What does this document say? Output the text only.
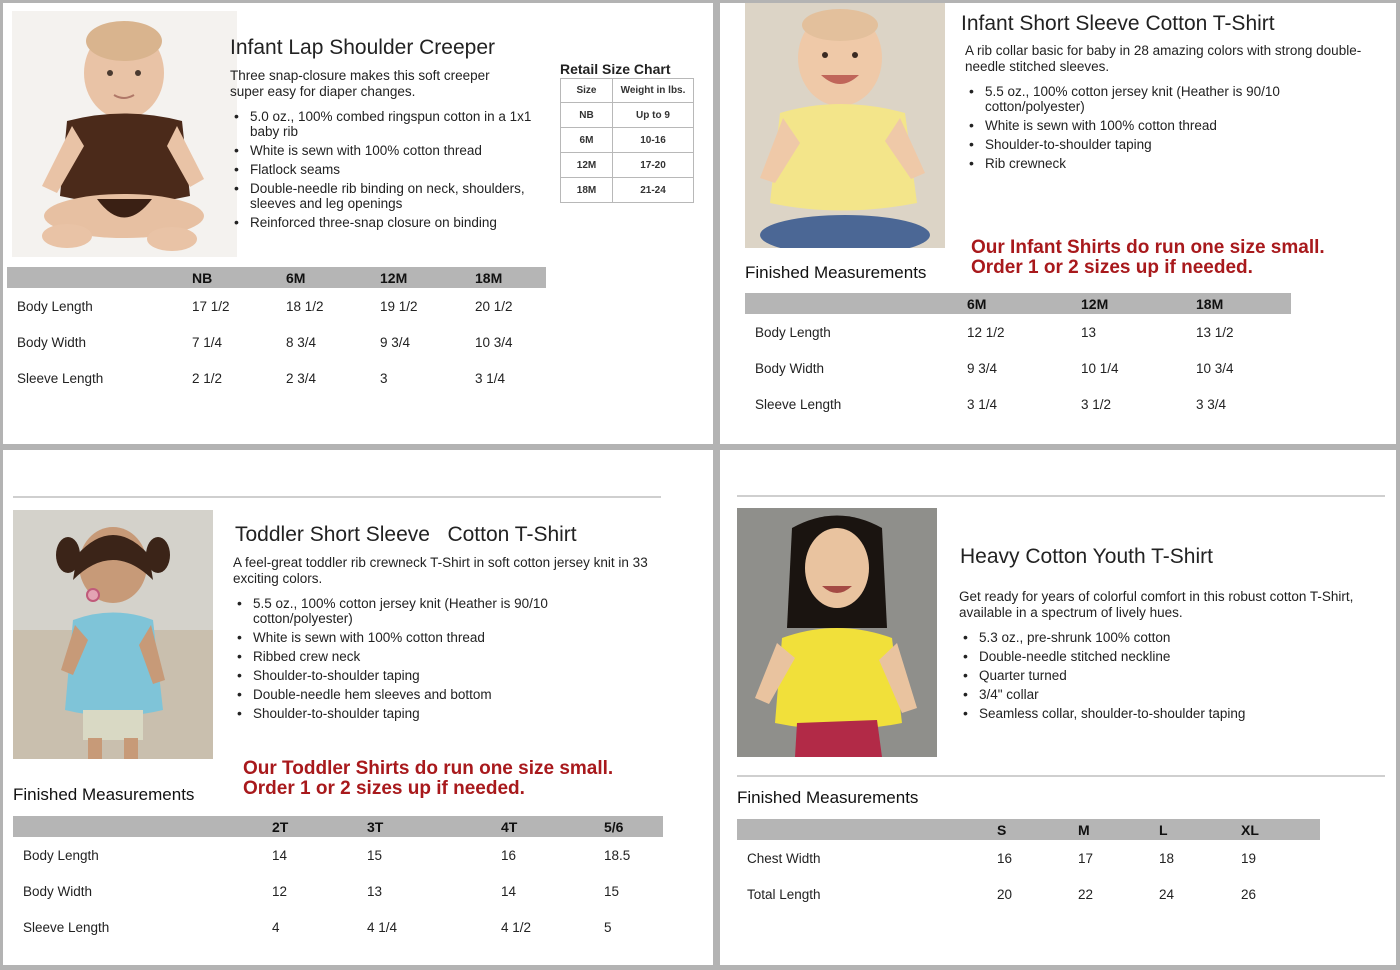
Infant Lap Shoulder Creeper
Three snap-closure makes this soft creeper super easy for diaper changes.
• 5.0 oz., 100% combed ringspun cotton in a 1x1 baby rib
• White is sewn with 100% cotton thread
• Flatlock seams
• Double-needle rib binding on neck, shoulders, sleeves and leg openings
• Reinforced three-snap closure on binding
Retail Size Chart
Size	Weight in lbs.
NB	Up to 9
6M	10-16
12M	17-20
18M	21-24
NB	6M	12M	18M
Body Length	17 1/2	18 1/2	19 1/2	20 1/2
Body Width	7 1/4	8 3/4	9 3/4	10 3/4
Sleeve Length	2 1/2	2 3/4	3	3 1/4
Infant Short Sleeve Cotton T-Shirt
A rib collar basic for baby in 28 amazing colors with strong double-needle stitched sleeves.
• 5.5 oz., 100% cotton jersey knit (Heather is 90/10 cotton/polyester)
• White is sewn with 100% cotton thread
• Shoulder-to-shoulder taping
• Rib crewneck
Our Infant Shirts do run one size small.
Order 1 or 2 sizes up if needed.
Finished Measurements
6M	12M	18M
Body Length	12 1/2	13	13 1/2
Body Width	9 3/4	10 1/4	10 3/4
Sleeve Length	3 1/4	3 1/2	3 3/4
Toddler Short Sleeve   Cotton T-Shirt
A feel-great toddler rib crewneck T-Shirt in soft cotton jersey knit in 33 exciting colors.
• 5.5 oz., 100% cotton jersey knit (Heather is 90/10 cotton/polyester)
• White is sewn with 100% cotton thread
• Ribbed crew neck
• Shoulder-to-shoulder taping
• Double-needle hem sleeves and bottom
• Shoulder-to-shoulder taping
Our Toddler Shirts do run one size small.
Order 1 or 2 sizes up if needed.
Finished Measurements
2T	3T	4T	5/6
Body Length	14	15	16	18.5
Body Width	12	13	14	15
Sleeve Length	4	4 1/4	4 1/2	5
Heavy Cotton Youth T-Shirt
Get ready for years of colorful comfort in this robust cotton T-Shirt, available in a spectrum of lively hues.
• 5.3 oz., pre-shrunk 100% cotton
• Double-needle stitched neckline
• Quarter turned
• 3/4" collar
• Seamless collar, shoulder-to-shoulder taping
Finished Measurements
S	M	L	XL
Chest Width	16	17	18	19
Total Length	20	22	24	26
